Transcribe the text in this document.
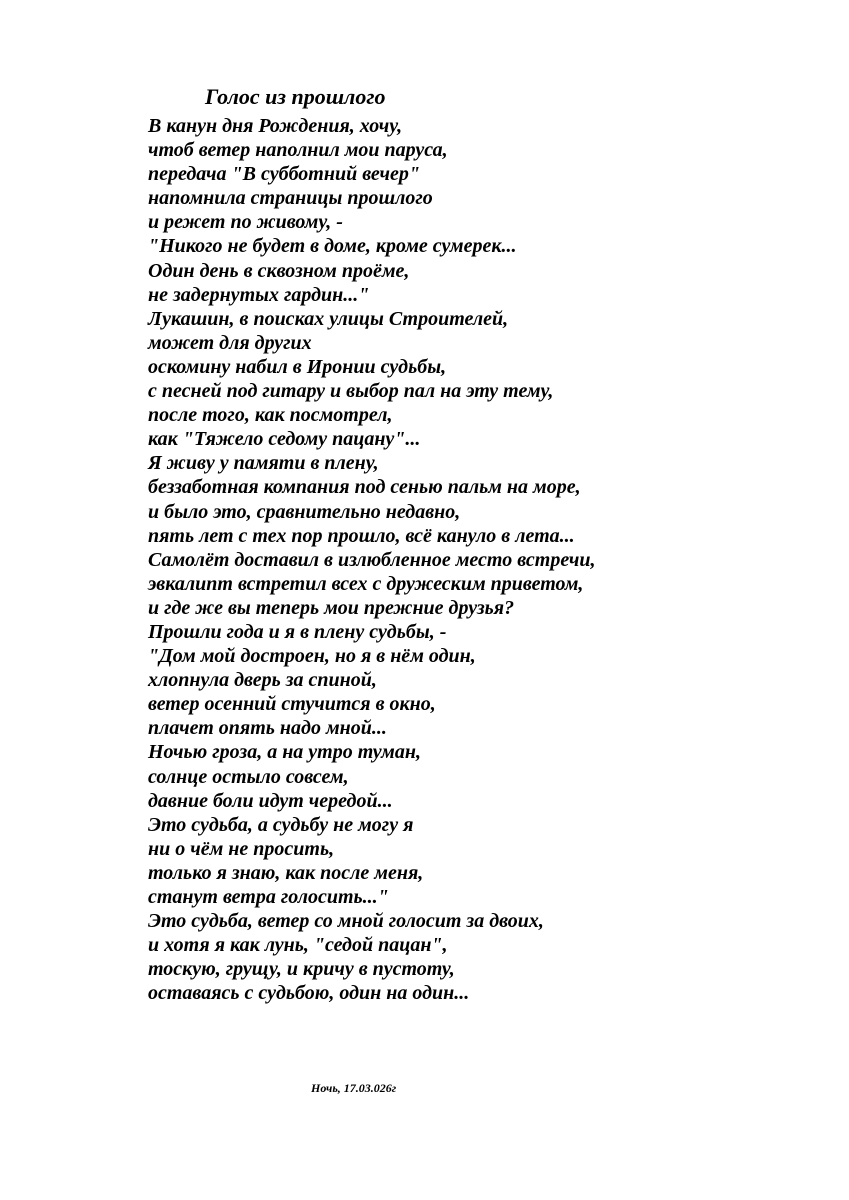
Голос из прошлого
В канун дня Рождения, хочу,
чтоб ветер наполнил мои паруса,
передача "В субботний вечер"
напомнила страницы прошлого
и режет по живому, -
"Никого не будет в доме, кроме сумерек...
Один день в сквозном проёме,
не задернутых гардин..."
Лукашин, в поисках улицы Строителей,
может для других
оскомину набил в Иронии судьбы,
с песней под гитару и выбор пал на эту тему,
после того, как посмотрел,
как "Тяжело седому пацану"...
Я живу у памяти в плену,
беззаботная компания под сенью пальм на море,
и было это, сравнительно недавно,
пять лет с тех пор прошло, всё кануло в лета...
Самолёт доставил в излюбленное место встречи,
эвкалипт встретил всех с дружеским приветом,
и где же вы теперь мои прежние друзья?
Прошли года и я в плену судьбы, -
"Дом мой достроен, но я в нём один,
хлопнула дверь за спиной,
ветер осенний стучится в окно,
плачет опять надо мной...
Ночью гроза, а на утро туман,
солнце остыло совсем,
давние боли идут чередой...
Это судьба, а судьбу не могу я
ни о чём не просить,
только я знаю, как после меня,
станут ветра голосить..."
Это судьба, ветер со мной голосит за двоих,
и хотя я как лунь, "седой пацан",
тоскую, грущу, и кричу в пустоту,
оставаясь с судьбою, один на один...
Ночь, 17.03.026г
